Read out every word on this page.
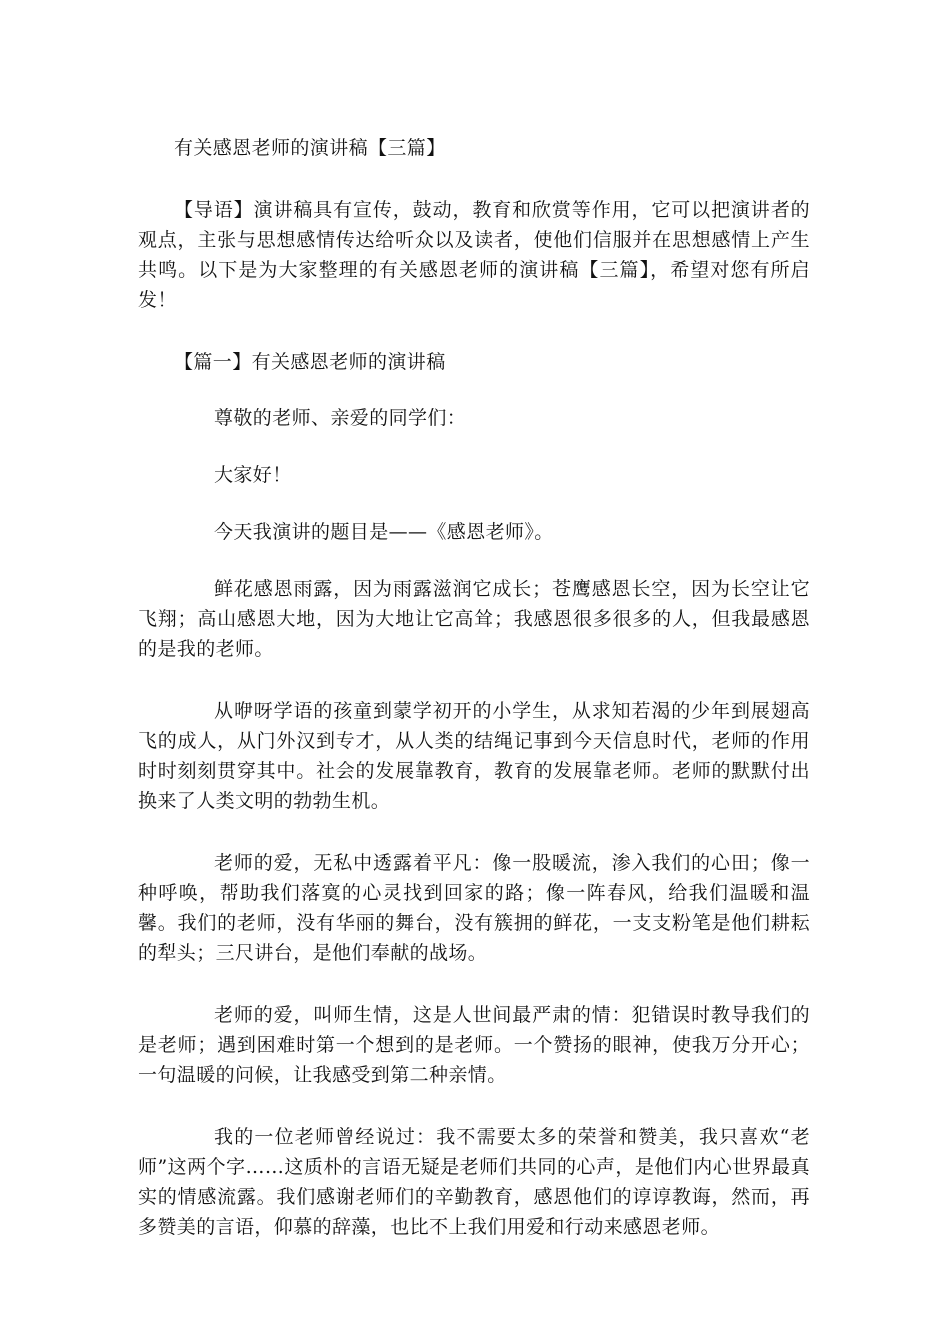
有关感恩老师的演讲稿【三篇】

【导语】演讲稿具有宣传，鼓动，教育和欣赏等作用，它可以把演讲者的观点，主张与思想感情传达给听众以及读者，使他们信服并在思想感情上产生共鸣。以下是为大家整理的有关感恩老师的演讲稿【三篇】，希望对您有所启发！

【篇一】有关感恩老师的演讲稿

尊敬的老师、亲爱的同学们：

大家好！

今天我演讲的题目是——《感恩老师》。

鲜花感恩雨露，因为雨露滋润它成长；苍鹰感恩长空，因为长空让它飞翔；高山感恩大地，因为大地让它高耸；我感恩很多很多的人，但我最感恩的是我的老师。

从咿呀学语的孩童到蒙学初开的小学生，从求知若渴的少年到展翅高飞的成人，从门外汉到专才，从人类的结绳记事到今天信息时代，老师的作用时时刻刻贯穿其中。社会的发展靠教育，教育的发展靠老师。老师的默默付出换来了人类文明的勃勃生机。

老师的爱，无私中透露着平凡：像一股暖流，渗入我们的心田；像一种呼唤，帮助我们落寞的心灵找到回家的路；像一阵春风，给我们温暖和温馨。我们的老师，没有华丽的舞台，没有簇拥的鲜花，一支支粉笔是他们耕耘的犁头；三尺讲台，是他们奉献的战场。

老师的爱，叫师生情，这是人世间最严肃的情：犯错误时教导我们的是老师；遇到困难时第一个想到的是老师。一个赞扬的眼神，使我万分开心；一句温暖的问候，让我感受到第二种亲情。

我的一位老师曾经说过：我不需要太多的荣誉和赞美，我只喜欢“老师”这两个字……这质朴的言语无疑是老师们共同的心声，是他们内心世界最真实的情感流露。我们感谢老师们的辛勤教育，感恩他们的谆谆教诲，然而，再多赞美的言语，仰慕的辞藻，也比不上我们用爱和行动来感恩老师。
